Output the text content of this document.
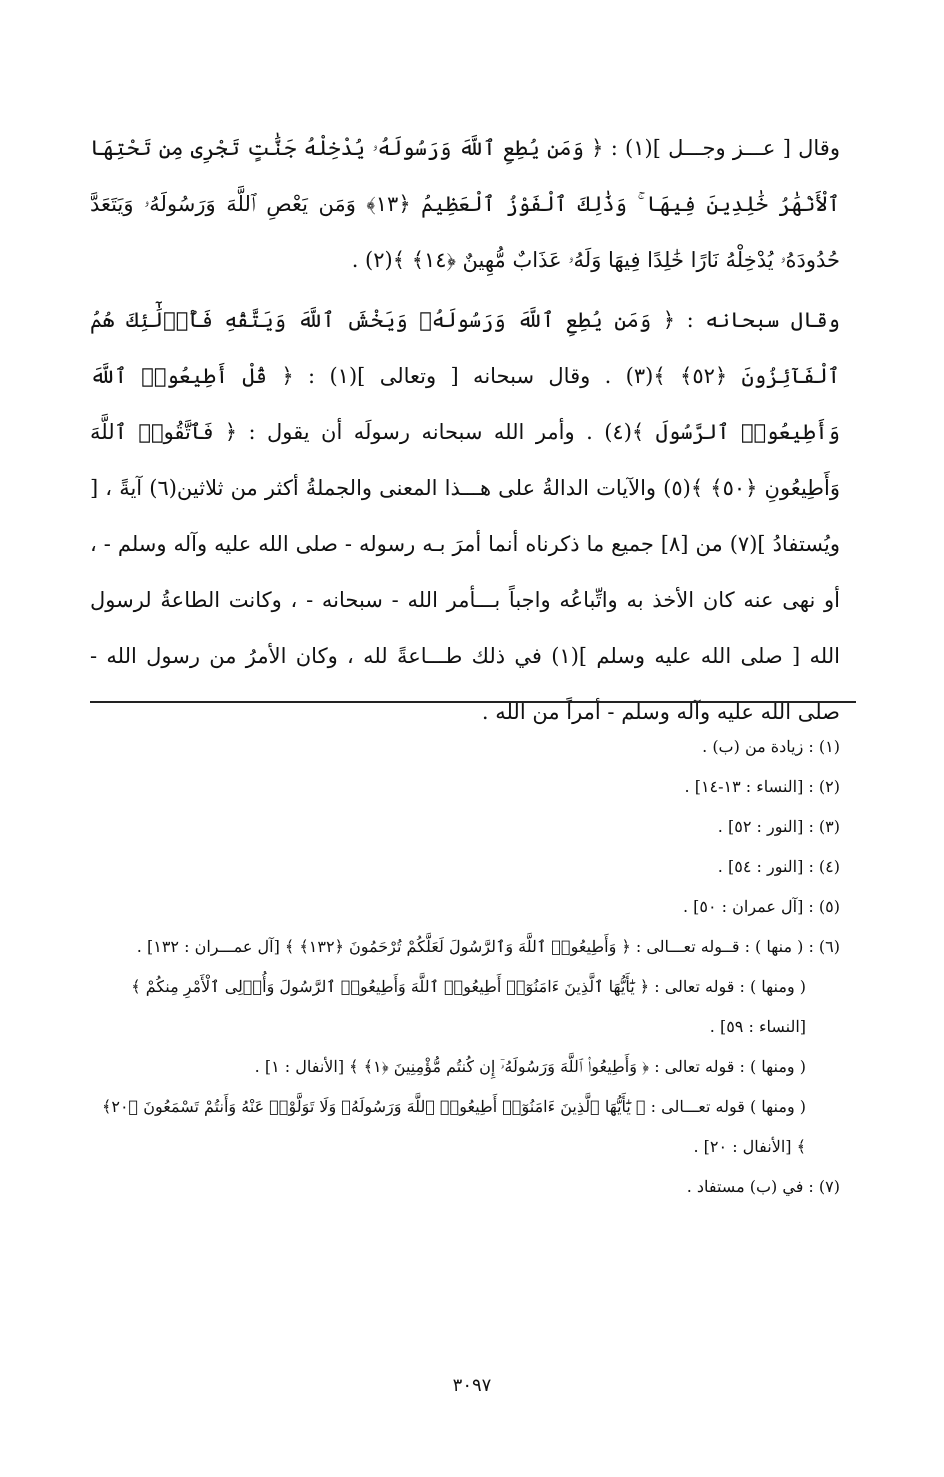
وقال [ عـــز وجـــل ](١) : ﴿ وَمَن يُطِعِ ٱللَّهَ وَرَسُولَهُۥ يُدْخِلْهُ جَنَّٰتٍ تَجْرِى مِن تَحْتِهَا ٱلْأَنْهَٰرُ خَٰلِدِينَ فِيهَا ۚ وَذَٰلِكَ ٱلْفَوْزُ ٱلْعَظِيمُ ﴿١٣﴾ وَمَن يَعْصِ ٱللَّهَ وَرَسُولَهُۥ وَيَتَعَدَّ حُدُودَهُۥ يُدْخِلْهُ نَارًا خَٰلِدًا فِيهَا وَلَهُۥ عَذَابٌ مُّهِينٌ ﴿١٤﴾ ﴾(٢) .

وقال سبحانه : ﴿ وَمَن يُطِعِ ٱللَّهَ وَرَسُولَهُۥ وَيَخْشَ ٱللَّهَ وَيَتَّقْهِ فَأُو۟لَٰٓئِكَ هُمُ ٱلْفَآئِزُونَ ﴿٥٢﴾ ﴾(٣) . وقال سبحانه [ وتعالى ](١) : ﴿ قُلْ أَطِيعُوا۟ ٱللَّهَ وَأَطِيعُوا۟ ٱلرَّسُولَ ﴾(٤) . وأمر الله سبحانه رسولَه أن يقول : ﴿ فَٱتَّقُوا۟ ٱللَّهَ وَأَطِيعُونِ ﴿٥٠﴾ ﴾(٥) والآيات الدالةُ على هـــذا المعنى والجملةُ أكثر من ثلاثين(٦) آيةً ، [ ويُستفادُ ](٧) من [٨] جميع ما ذكرناه أنما أمرَ بـه رسوله - صلى الله عليه وآله وسلم - ، أو نهى عنه كان الأخذ به واتِّباعُه واجباً بـــأمر الله - سبحانه - ، وكانت الطاعةُ لرسول الله [ صلى الله عليه وسلم ](١) في ذلك طـــاعةً لله ، وكان الأمرُ من رسول الله - صلى الله عليه وآله وسلم - أمراً من الله .

(١) : زيادة من (ب) .

(٢) : [النساء : ١٣-١٤] .

(٣) : [النور : ٥٢] .

(٤) : [النور : ٥٤] .

(٥) : [آل عمران : ٥٠] .

(٦) : ( منها ) : قــوله تعـــالى : ﴿ وَأَطِيعُوا۟ ٱللَّهَ وَٱلرَّسُولَ لَعَلَّكُمْ تُرْحَمُونَ ﴿١٣٢﴾ ﴾ [آل عمـــران : ١٣٢] .

( ومنها ) : قوله تعالى : ﴿ يَٰٓأَيُّهَا ٱلَّذِينَ ءَامَنُوٓا۟ أَطِيعُوا۟ ٱللَّهَ وَأَطِيعُوا۟ ٱلرَّسُولَ وَأُو۟لِى ٱلْأَمْرِ مِنكُمْ ﴾ [النساء : ٥٩] .

( ومنها ) : قوله تعالى : ﴿ وَأَطِيعُوا۟ ٱللَّهَ وَرَسُولَهُۥٓ إِن كُنتُم مُّؤْمِنِينَ ﴿١﴾ ﴾ [الأنفال : ١] .

( ومنها ) قوله تعـــالى : ﴿ يَٰٓأَيُّهَا ٱلَّذِينَ ءَامَنُوٓا۟ أَطِيعُوا۟ ٱللَّهَ وَرَسُولَهُۥ وَلَا تَوَلَّوْا۟ عَنْهُ وَأَنتُمْ تَسْمَعُونَ ﴿٢٠﴾ ﴾ [الأنفال : ٢٠] .

(٧) : في (ب) مستفاد .

٣٠٩٧
